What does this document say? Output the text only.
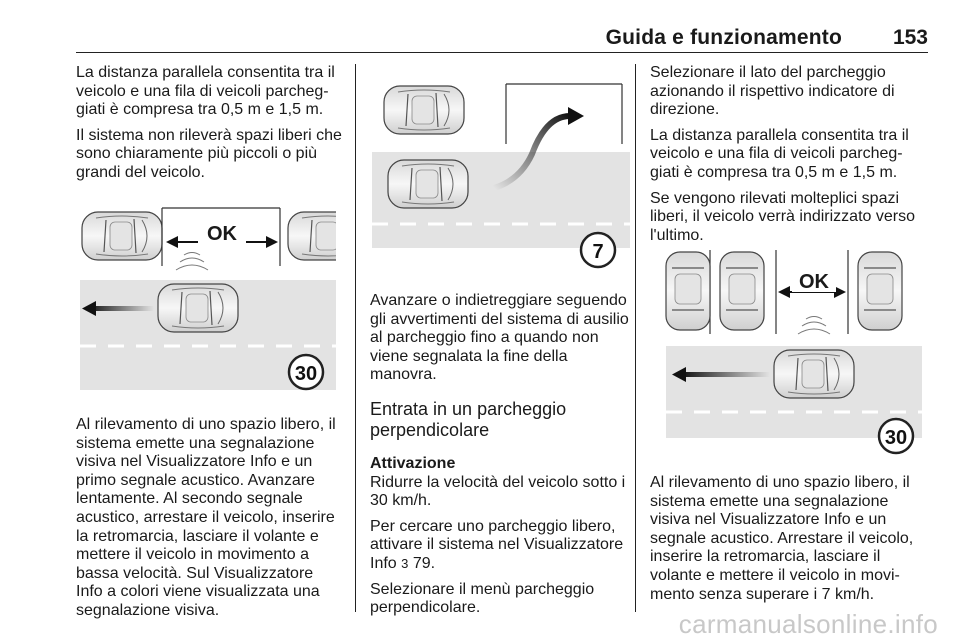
Guida e funzionamento 153

La distanza parallela consentita tra il veicolo e una fila di veicoli parcheg-giati è compresa tra 0,5 m e 1,5 m.

Il sistema non rileverà spazi liberi che sono chiaramente più piccoli o più grandi del veicolo.

OK
30

Al rilevamento di uno spazio libero, il sistema emette una segnalazione visiva nel Visualizzatore Info e un primo segnale acustico. Avanzare lentamente. Al secondo segnale acustico, arrestare il veicolo, inserire la retromarcia, lasciare il volante e mettere il veicolo in movimento a bassa velocità. Sul Visualizzatore Info a colori viene visualizzata una segnalazione visiva.

7

Avanzare o indietreggiare seguendo gli avvertimenti del sistema di ausilio al parcheggio fino a quando non viene segnalata la fine della manovra.

Entrata in un parcheggio perpendicolare
Attivazione

Ridurre la velocità del veicolo sotto i 30 km/h.

Per cercare uno parcheggio libero, attivare il sistema nel Visualizzatore Info 3 79.

Selezionare il menù parcheggio perpendicolare.

Selezionare il lato del parcheggio azionando il rispettivo indicatore di direzione.

La distanza parallela consentita tra il veicolo e una fila di veicoli parcheg-giati è compresa tra 0,5 m e 1,5 m.

Se vengono rilevati molteplici spazi liberi, il veicolo verrà indirizzato verso l'ultimo.

OK
30

Al rilevamento di uno spazio libero, il sistema emette una segnalazione visiva nel Visualizzatore Info e un segnale acustico. Arrestare il veicolo, inserire la retromarcia, lasciare il volante e mettere il veicolo in movi-mento senza superare i 7 km/h.

carmanualsonline.info
